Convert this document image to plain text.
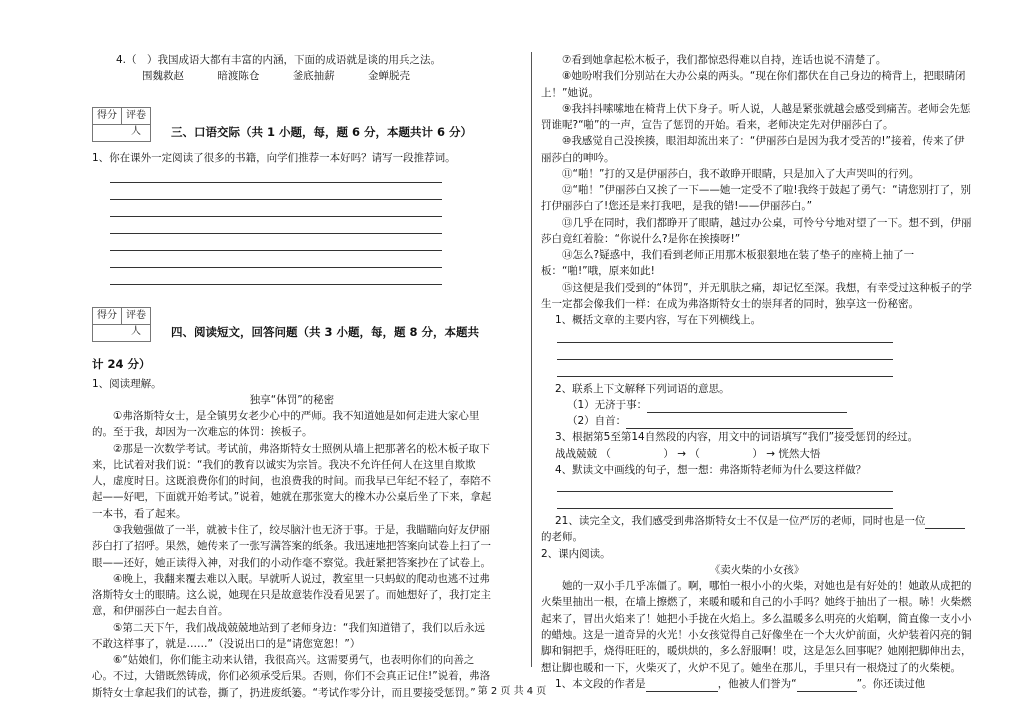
4.（　）我国成语大都有丰富的内涵，下面的成语就是谈的用兵之法。

围魏救赵	暗渡陈仓	釜底抽薪	金蝉脱壳

得分 评卷人	三、口语交际（共 1 小题，每，题 6 分，本题共计 6 分）

1、你在课外一定阅读了很多的书籍，向学们推荐一本好吗？请写一段推荐词。

得分 评卷人	四、阅读短文，回答问题（共 3 小题，每，题 8 分，本题共

计 24 分）

1、阅读理解。

独享“体罚”的秘密

①弗洛斯特女士，是全镇男女老少心中的严师。我不知道她是如何走进大家心里的。至于我，却因为一次难忘的体罚：挨板子。

②那是一次数学考试。考试前，弗洛斯特女士照例从墙上把那著名的松木板子取下来，比试着对我们说：“我们的教育以诚实为宗旨。我决不允许任何人在这里自欺欺人，虚度时日。这既浪费你们的时间，也浪费我的时间。而我早已年纪不轻了，奉陪不起——好吧，下面就开始考试。”说着，她就在那张宽大的橡木办公桌后坐了下来，拿起一本书，看了起来。

③我勉强做了一半，就被卡住了，绞尽脑汁也无济于事。于是，我瞄瞄向好友伊丽莎白打了招呼。果然，她传来了一张写满答案的纸条。我迅速地把答案向试卷上扫了一眼——还好，她正读得入神，对我们的小动作毫不察觉。我赶紧把答案抄在了试卷上。

④晚上，我翻来覆去难以入眠。早就听人说过，教室里一只蚂蚁的爬动也逃不过弗洛斯特女士的眼睛。这么说，她现在只是故意装作没看见罢了。而她想好了，我打定主意，和伊丽莎白一起去自首。

⑤第二天下午，我们战战兢兢地站到了老师身边：“我们知道错了，我们以后永远不敢这样事了，就是……”（没说出口的是“请您宽恕！”）

⑥“姑娘们，你们能主动来认错，我很高兴。这需要勇气，也表明你们的向善之心。不过，大错既然铸成，你们必须承受后果。否则，你们不会真正记住!”说着，弗洛斯特女士拿起我们的试卷，撕了，扔进废纸篓。“考试作零分计，而且要接受惩罚。”

⑦看到她拿起松木板子，我们都惊恐得难以自持，连话也说不清楚了。

⑧她吩咐我们分别站在大办公桌的两头。“现在你们都伏在自己身边的椅背上，把眼睛闭上！”她说。

⑨我抖抖嗦嗦地在椅背上伏下身子。听人说，人越是紧张就越会感受到痛苦。老师会先惩罚谁呢?“啪”的一声，宣告了惩罚的开始。看来，老师决定先对伊丽莎白了。

⑩我感觉自己没挨揍，眼泪却流出来了：“伊丽莎白是因为我才受苦的!”接着，传来了伊丽莎白的呻吟。

⑪“啪！”打的又是伊丽莎白，我不敢睁开眼睛，只是加入了大声哭叫的行列。

⑫“啪！”伊丽莎白又挨了一下——她一定受不了啦!我终于鼓起了勇气：“请您别打了，别打伊丽莎白了!您还是来打我吧，是我的错!——伊丽莎白。”

⑬几乎在同时，我们都睁开了眼睛，越过办公桌，可怜兮兮地对望了一下。想不到，伊丽莎白竟红着脸：“你说什么?是你在挨揍呀!”

⑭怎么?疑惑中，我们看到老师正用那木板狠狠地在装了垫子的座椅上抽了一板：“啪!”哦，原来如此!

⑮这便是我们受到的“体罚”，并无肌肤之痛，却记忆至深。我想，有幸受过这种板子的学生一定都会像我们一样：在成为弗洛斯特女士的崇拜者的同时，独享这一份秘密。

1、概括文章的主要内容，写在下列横线上。

2、联系上下文解释下列词语的意思。

（1）无济于事：

（2）自首：

3、根据第5至第14自然段的内容，用文中的词语填写“我们”接受惩罚的经过。

战战兢兢 （　　　　　） → （　　　　　） → 恍然大悟

4、默读文中画线的句子，想一想：弗洛斯特老师为什么要这样做？

21、读完全文，我们感受到弗洛斯特女士不仅是一位严厉的老师，同时也是一位

的老师。

2、课内阅读。

《卖火柴的小女孩》

她的一双小手几乎冻僵了。啊，哪怕一根小小的火柴，对她也是有好处的！她敢从成把的火柴里抽出一根，在墙上擦燃了，来暖和暖和自己的小手吗？她终于抽出了一根。哧！火柴燃起来了，冒出火焰来了！她把小手拢在火焰上。多么温暖多么明亮的火焰啊，简直像一支小小的蜡烛。这是一道奇异的火光！小女孩觉得自己好像坐在一个大火炉前面，火炉装着闪亮的铜脚和铜把手，烧得旺旺的，暖烘烘的，多么舒服啊！哎，这是怎么回事呢？她刚把脚伸出去，想让脚也暖和一下，火柴灭了，火炉不见了。她坐在那儿，手里只有一根烧过了的火柴梗。

1、本文段的作者是	，他被人们誉为“	”。你还读过他

第 2 页 共 4 页
